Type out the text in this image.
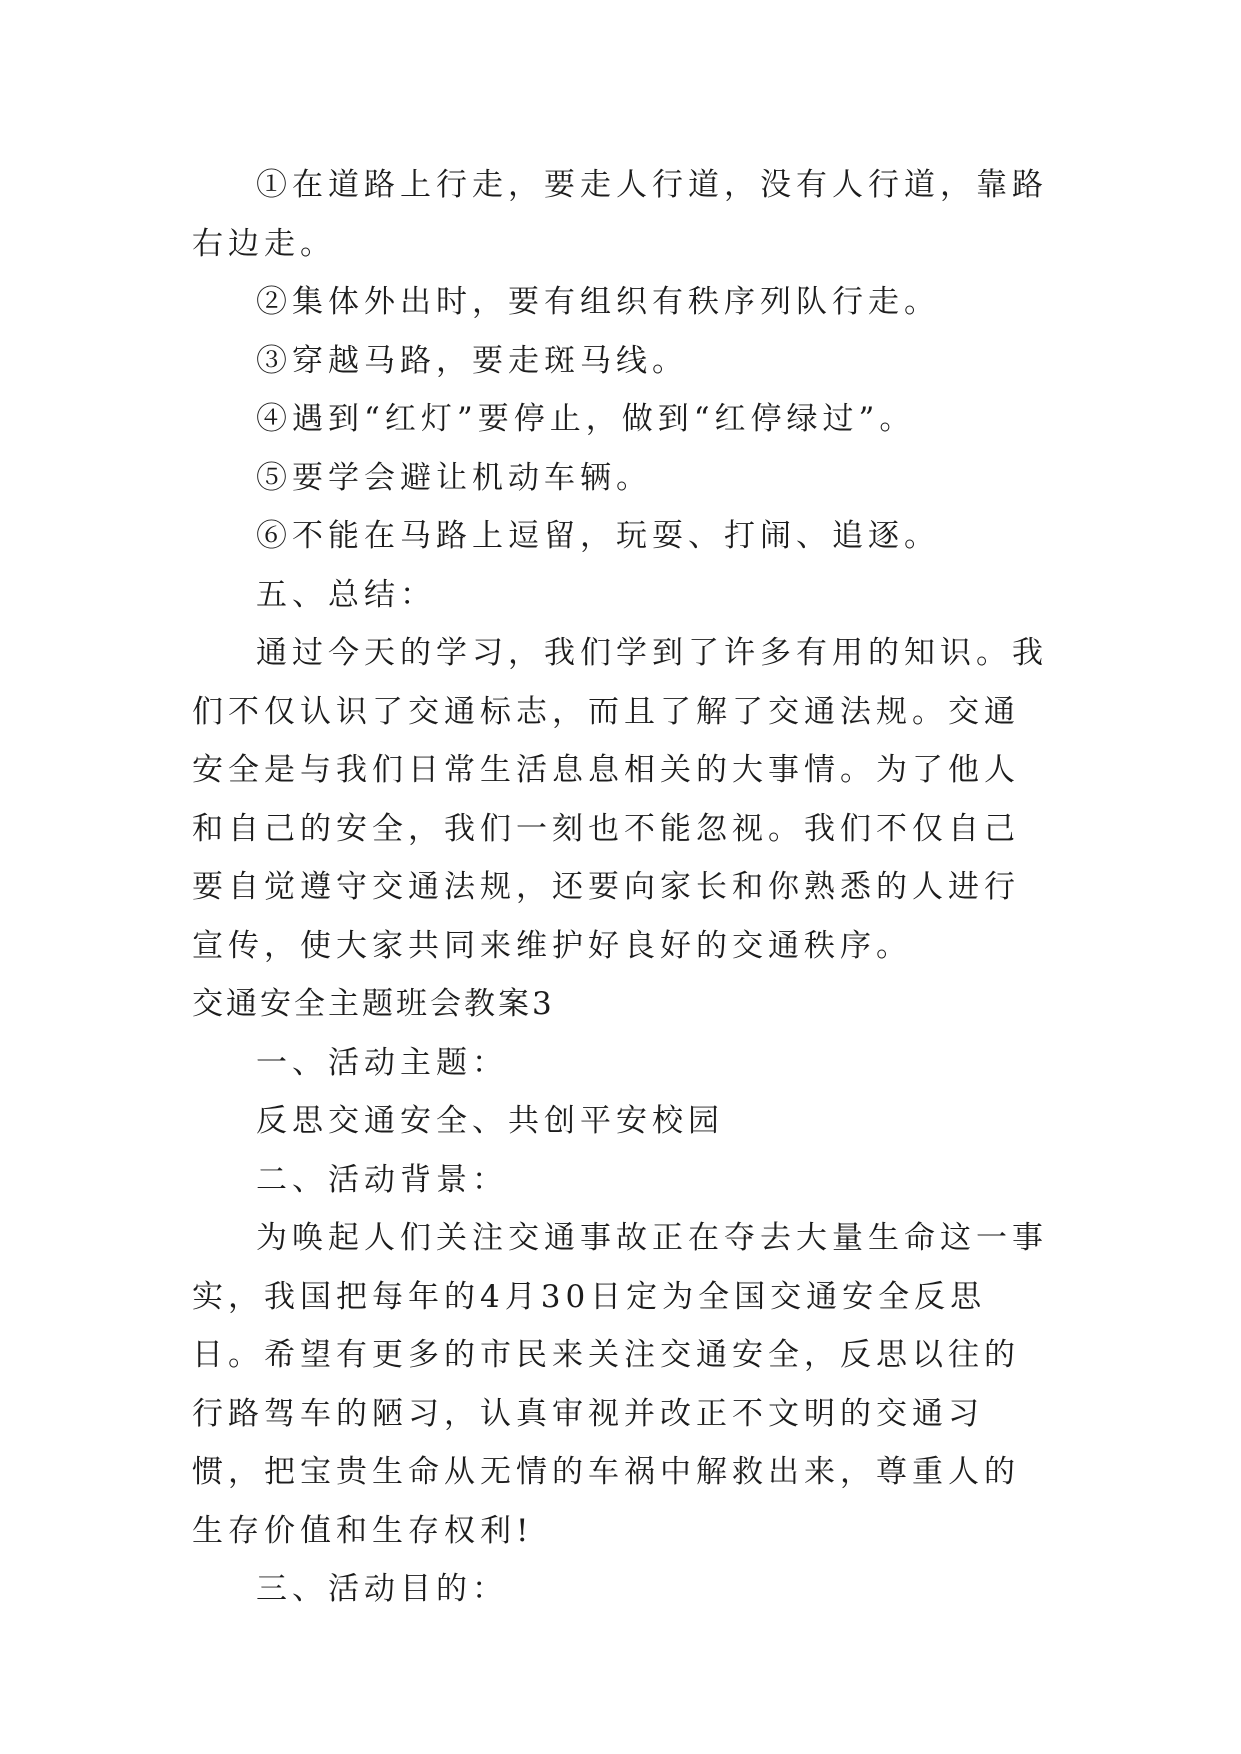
①在道路上行走，要走人行道，没有人行道，靠路右边走。

②集体外出时，要有组织有秩序列队行走。

③穿越马路，要走斑马线。

④遇到“红灯”要停止，做到“红停绿过”。

⑤要学会避让机动车辆。

⑥不能在马路上逗留，玩耍、打闹、追逐。

五、总结：

通过今天的学习，我们学到了许多有用的知识。我们不仅认识了交通标志，而且了解了交通法规。交通安全是与我们日常生活息息相关的大事情。为了他人和自己的安全，我们一刻也不能忽视。我们不仅自己要自觉遵守交通法规，还要向家长和你熟悉的人进行宣传，使大家共同来维护好良好的交通秩序。

交通安全主题班会教案3

一、活动主题：

反思交通安全、共创平安校园

二、活动背景：

为唤起人们关注交通事故正在夺去大量生命这一事实，我国把每年的4月30日定为全国交通安全反思日。希望有更多的市民来关注交通安全，反思以往的行路驾车的陋习，认真审视并改正不文明的交通习惯，把宝贵生命从无情的车祸中解救出来，尊重人的生存价值和生存权利!

三、活动目的：
